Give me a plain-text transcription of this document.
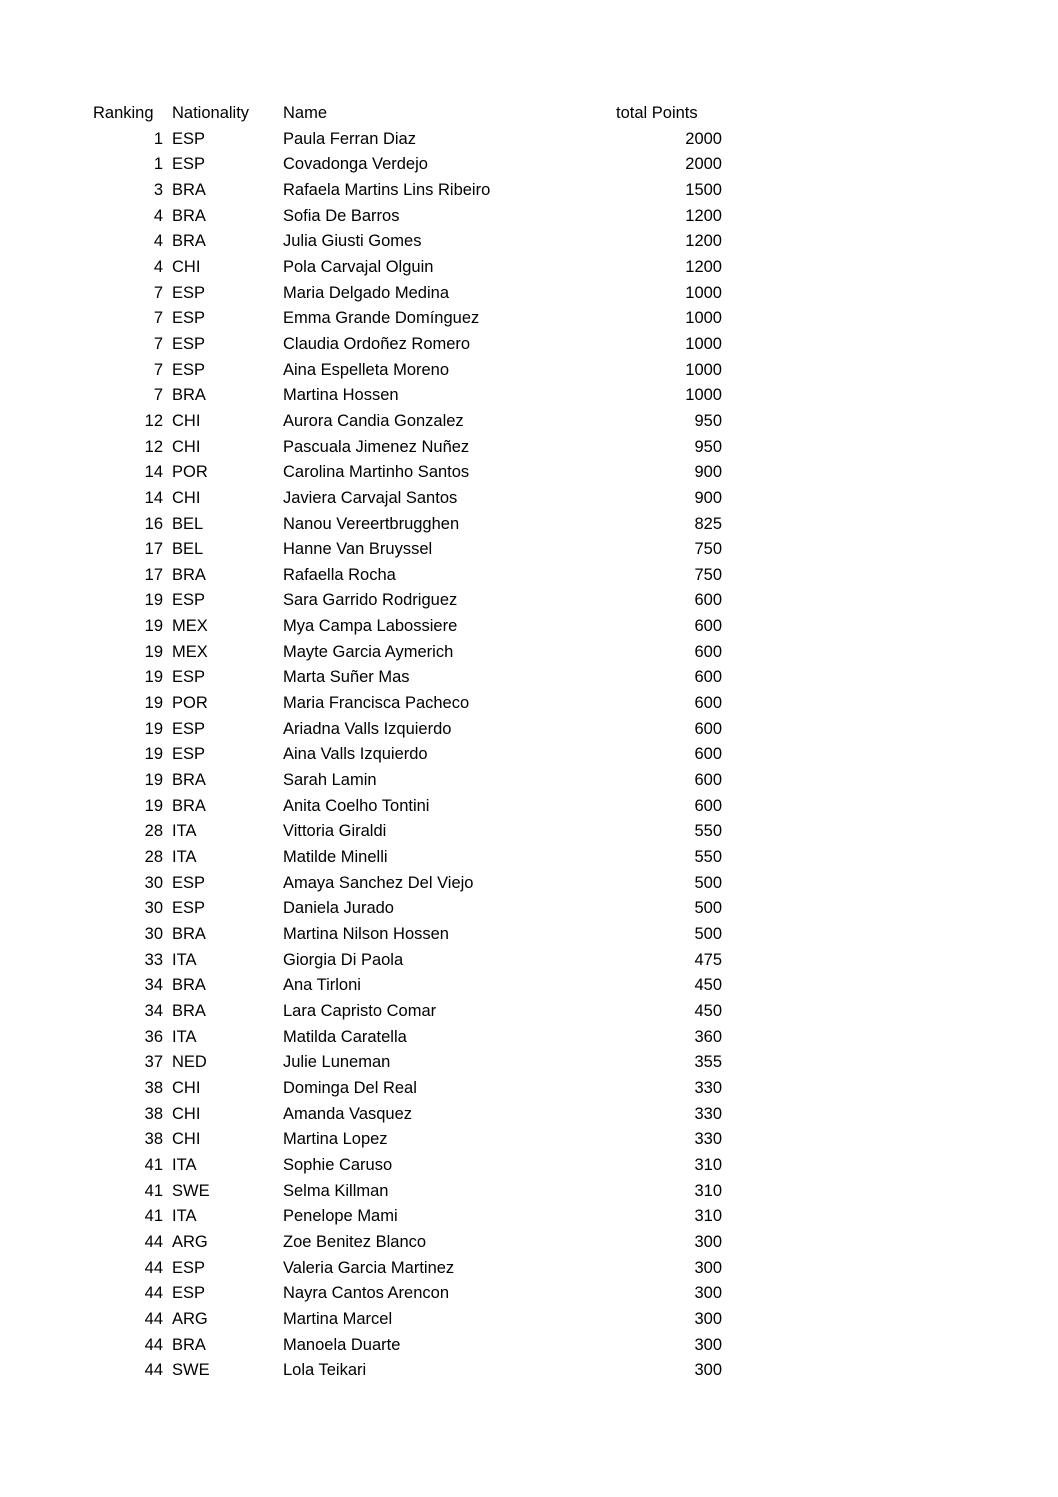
Ranking	Nationality	Name	total Points
1	ESP	Paula Ferran Diaz	2000
1	ESP	Covadonga Verdejo	2000
3	BRA	Rafaela Martins Lins Ribeiro	1500
4	BRA	Sofia De Barros	1200
4	BRA	Julia Giusti Gomes	1200
4	CHI	Pola Carvajal Olguin	1200
7	ESP	Maria Delgado Medina	1000
7	ESP	Emma Grande Domínguez	1000
7	ESP	Claudia Ordoñez Romero	1000
7	ESP	Aina Espelleta Moreno	1000
7	BRA	Martina Hossen	1000
12	CHI	Aurora Candia Gonzalez	950
12	CHI	Pascuala Jimenez Nuñez	950
14	POR	Carolina Martinho Santos	900
14	CHI	Javiera Carvajal Santos	900
16	BEL	Nanou Vereertbrugghen	825
17	BEL	Hanne Van Bruyssel	750
17	BRA	Rafaella Rocha	750
19	ESP	Sara Garrido Rodriguez	600
19	MEX	Mya Campa Labossiere	600
19	MEX	Mayte Garcia Aymerich	600
19	ESP	Marta Suñer Mas	600
19	POR	Maria Francisca Pacheco	600
19	ESP	Ariadna Valls Izquierdo	600
19	ESP	Aina Valls Izquierdo	600
19	BRA	Sarah Lamin	600
19	BRA	Anita Coelho Tontini	600
28	ITA	Vittoria Giraldi	550
28	ITA	Matilde Minelli	550
30	ESP	Amaya Sanchez Del Viejo	500
30	ESP	Daniela Jurado	500
30	BRA	Martina Nilson Hossen	500
33	ITA	Giorgia Di Paola	475
34	BRA	Ana Tirloni	450
34	BRA	Lara Capristo Comar	450
36	ITA	Matilda Caratella	360
37	NED	Julie Luneman	355
38	CHI	Dominga Del Real	330
38	CHI	Amanda Vasquez	330
38	CHI	Martina Lopez	330
41	ITA	Sophie Caruso	310
41	SWE	Selma Killman	310
41	ITA	Penelope Mami	310
44	ARG	Zoe Benitez Blanco	300
44	ESP	Valeria Garcia Martinez	300
44	ESP	Nayra Cantos Arencon	300
44	ARG	Martina Marcel	300
44	BRA	Manoela Duarte	300
44	SWE	Lola Teikari	300
